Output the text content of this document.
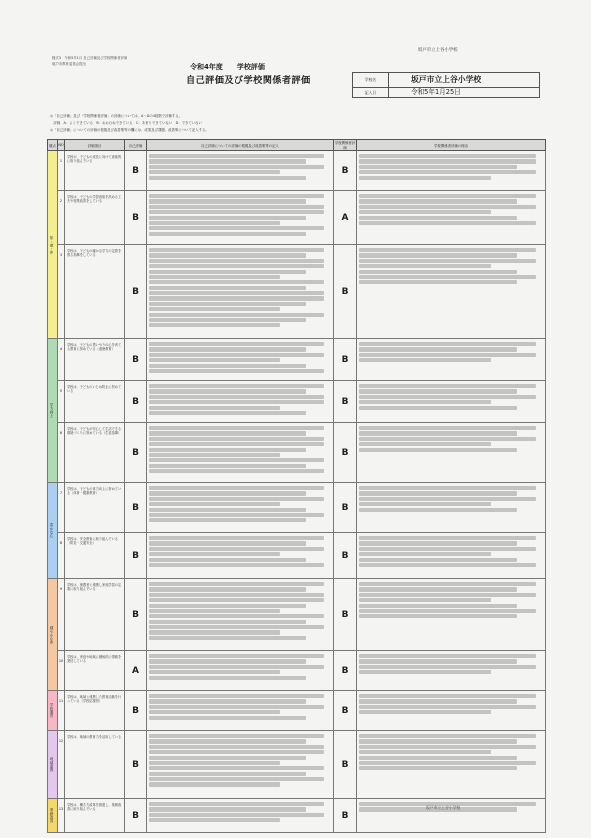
様式3　令和5年1月 自己評価及び学校関係者評価
坂戸市教育委員会提出
坂戸市立上谷小学校
令和4年度　　学校評価
自己評価及び学校関係者評価	学校名	坂戸市立上谷小学校
記入日	令和5年1月25日
◎「自己評価」及び「学校関係者評価」の評価については、A～Dの4段階で評価する。
　評価　A：よくできている　B：おおむねできている　C：あまりできていない　D：できていない
◎「自己評価」についての評価の根拠及び改善策等の欄には、成果及び課題、改善策について記入する。
観点	NO	評価項目	自己評価	自己評価についての評価の根拠及び改善策等の記入	学校関係者評価	学校関係者評価の理由
知・徳・体	1	学校が、子どもの成長に向けて意欲的に取り組んでいる	B		B	

	2	学校は、子どもの学習意欲を高める工夫や授業改善をしている	B		A	

	3	学校は、子どもの確かな学力の定着を図る指導をしている	B		B	

学力向上	4	学校は、子どもの思いやりの心を育てる教育に努めている（道徳教育）	B		B	

	5	学校は、子どものいじめ防止に努めている	B		B	

	6	学校は、子どもが安心して生活できる環境づくりに努めている（生徒指導）	B		B	

豊かな心	7	学校は、子どもの体力向上に努めている（体育・健康教育）	B		B	

	8	学校は、安全教育に取り組んでいる（防災・交通安全）	B		B	

健やかな体	9	学校は、保護者と連携し家庭学習の定着に取り組んでいる	B		B	

	10	学校は、家庭や地域に積極的に情報を発信している	A		B	

学校運営	11	学校は、地域と連携した教育活動を行っている（学校応援団）	B		B	

地域連携	12	学校は、地域の教育力を活用している	B		B	

業務改善	13	学校は、働き方改革を推進し、業務改善に取り組んでいる	B		B	
坂戸市立上谷小学校
